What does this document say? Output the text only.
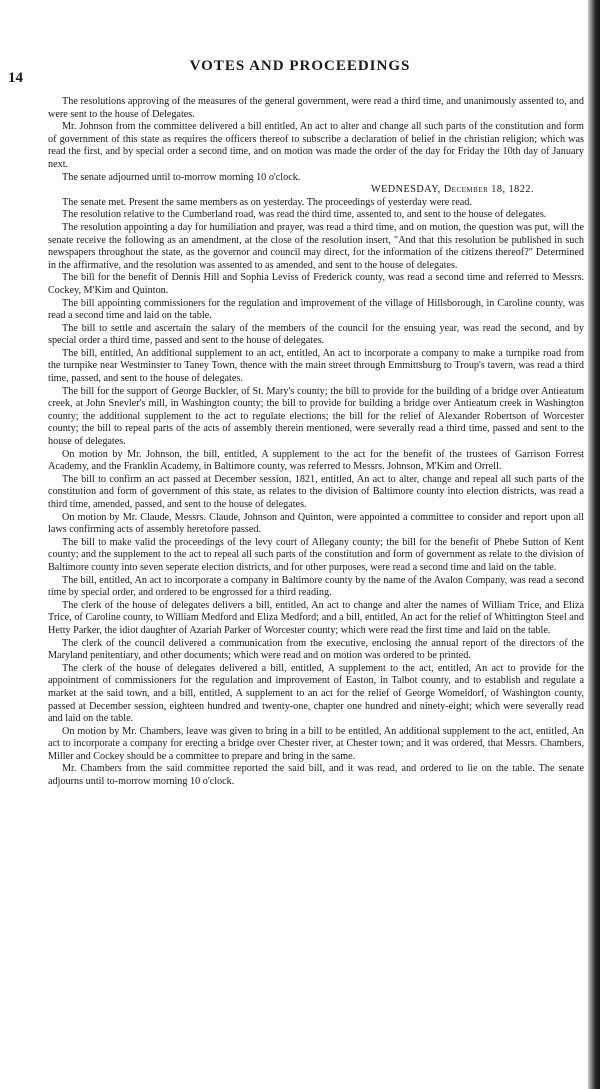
14
VOTES AND PROCEEDINGS

The resolutions approving of the measures of the general government, were read a third time, and unanimously assented to, and were sent to the house of Delegates.

Mr. Johnson from the committee delivered a bill entitled, An act to alter and change all such parts of the constitution and form of government of this state as requires the officers thereof to subscribe a declaration of belief in the christian religion; which was read the first, and by special order a second time, and on motion was made the order of the day for Friday the 10th day of January next.

The senate adjourned until to-morrow morning 10 o'clock.

WEDNESDAY, December 18, 1822.

The senate met. Present the same members as on yesterday. The proceedings of yesterday were read.

The resolution relative to the Cumberland road, was read the third time, assented to, and sent to the house of delegates.

The resolution appointing a day for humiliation and prayer, was read a third time, and on motion, the question was put, will the senate receive the following as an amendment, at the close of the resolution insert, "And that this resolution be published in such newspapers throughout the state, as the governor and council may direct, for the information of the citizens thereof?" Determined in the affirmative, and the resolution was assented to as amended, and sent to the house of delegates.

The bill for the benefit of Dennis Hill and Sophia Leviss of Frederick county, was read a second time and referred to Messrs. Cockey, M'Kim and Quinton.

The bill appointing commissioners for the regulation and improvement of the village of Hillsborough, in Caroline county, was read a second time and laid on the table.

The bill to settle and ascertain the salary of the members of the council for the ensuing year, was read the second, and by special order a third time, passed and sent to the house of delegates.

The bill, entitled, An additional supplement to an act, entitled, An act to incorporate a company to make a turnpike road from the turnpike near Westminster to Taney Town, thence with the main street through Emmittsburg to Troup's tavern, was read a third time, passed, and sent to the house of delegates.

The bill for the support of George Buckler, of St. Mary's county; the bill to provide for the building of a bridge over Antieatum creek, at John Snevler's mill, in Washington county; the bill to provide for building a bridge over Antieatum creek in Washington county; the additional supplement to the act to regulate elections; the bill for the relief of Alexander Robertson of Worcester county; the bill to repeal parts of the acts of assembly therein mentioned, were severally read a third time, passed and sent to the house of delegates.

On motion by Mr. Johnson, the bill, entitled, A supplement to the act for the benefit of the trustees of Garrison Forrest Academy, and the Franklin Academy, in Baltimore county, was referred to Messrs. Johnson, M'Kim and Orrell.

The bill to confirm an act passed at December session, 1821, entitled, An act to alter, change and repeal all such parts of the constitution and form of government of this state, as relates to the division of Baltimore county into election districts, was read a third time, amended, passed, and sent to the house of delegates.

On motion by Mr. Claude, Messrs. Claude, Johnson and Quinton, were appointed a committee to consider and report upon all laws confirming acts of assembly heretofore passed.

The bill to make valid the proceedings of the levy court of Allegany county; the bill for the benefit of Phebe Sutton of Kent county; and the supplement to the act to repeal all such parts of the constitution and form of government as relate to the division of Baltimore county into seven seperate election districts, and for other purposes, were read a second time and laid on the table.

The bill, entitled, An act to incorporate a company in Baltimore county by the name of the Avalon Company, was read a second time by special order, and ordered to be engrossed for a third reading.

The clerk of the house of delegates delivers a bill, entitled, An act to change and alter the names of William Trice, and Eliza Trice, of Caroline county, to William Medford and Eliza Medford; and a bill, entitled, An act for the relief of Whittington Steel and Hetty Parker, the idiot daughter of Azariah Parker of Worcester county; which were read the first time and laid on the table.

The clerk of the council delivered a communication from the executive, enclosing the annual report of the directors of the Maryland penitentiary, and other documents; which were read and on motion was ordered to be printed.

The clerk of the house of delegates delivered a bill, entitled, A supplement to the act, entitled, An act to provide for the appointment of commissioners for the regulation and improvement of Easton, in Talbot county, and to establish and regulate a market at the said town, and a bill, entitled, A supplement to an act for the relief of George Womeldorf, of Washington county, passed at December session, eighteen hundred and twenty-one, chapter one hundred and ninety-eight; which were severally read and laid on the table.

On motion by Mr. Chambers, leave was given to bring in a bill to be entitled, An additional supplement to the act, entitled, An act to incorporate a company for erecting a bridge over Chester river, at Chester town; and it was ordered, that Messrs. Chambers, Miller and Cockey should be a committee to prepare and bring in the same.

Mr. Chambers from the said committee reported the said bill, and it was read, and ordered to lie on the table. The senate adjourns until to-morrow morning 10 o'clock.
